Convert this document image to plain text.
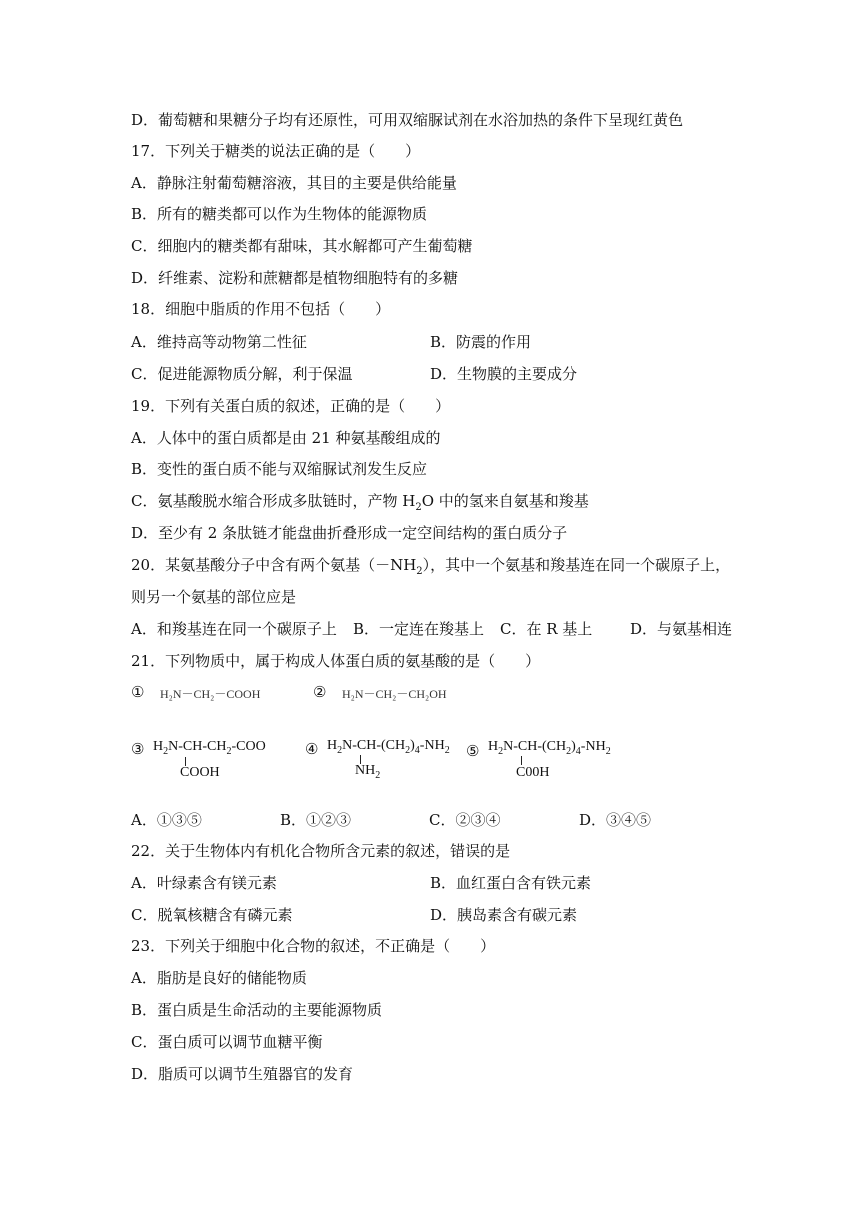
D．葡萄糖和果糖分子均有还原性，可用双缩脲试剂在水浴加热的条件下呈现红黄色
17．下列关于糖类的说法正确的是（　　）
A．静脉注射葡萄糖溶液，其目的主要是供给能量
B．所有的糖类都可以作为生物体的能源物质
C．细胞内的糖类都有甜味，其水解都可产生葡萄糖
D．纤维素、淀粉和蔗糖都是植物细胞特有的多糖
18．细胞中脂质的作用不包括（　　）
A．维持高等动物第二性征	B．防震的作用
C．促进能源物质分解，利于保温	D．生物膜的主要成分
19．下列有关蛋白质的叙述，正确的是（　　）
A．人体中的蛋白质都是由 21 种氨基酸组成的
B．变性的蛋白质不能与双缩脲试剂发生反应
C．氨基酸脱水缩合形成多肽链时，产物 $H_2O$ 中的氢来自氨基和羧基
D．至少有 2 条肽链才能盘曲折叠形成一定空间结构的蛋白质分子
20．某氨基酸分子中含有两个氨基$(-NH_2)$，其中一个氨基和羧基连在同一个碳原子上，
则另一个氨基的部位应是
A．和羧基连在同一个碳原子上 B．一定连在羧基上 C．在 R 基上	D．与氨基相连
21．下列物质中，属于构成人体蛋白质的氨基酸的是（　　）
① H₂N－CH₂－COOH	② H₂N－CH₂－CH₂OH
③ $H_2N-CH-CH_2$-COO
COOH
④ $H_2N-CH-(CH_2)_4-NH_2$
$NH_2$
⑤ $H_2N-CH-(CH_2)_4-NH_2$
C00H
A．①③⑤	B．①②③	C．②③④	D．③④⑤
22．关于生物体内有机化合物所含元素的叙述，错误的是
A．叶绿素含有镁元素	B．血红蛋白含有铁元素
C．脱氧核糖含有磷元素	D．胰岛素含有碳元素
23．下列关于细胞中化合物的叙述，不正确是（　　）
A．脂肪是良好的储能物质
B．蛋白质是生命活动的主要能源物质
C．蛋白质可以调节血糖平衡
D．脂质可以调节生殖器官的发育
